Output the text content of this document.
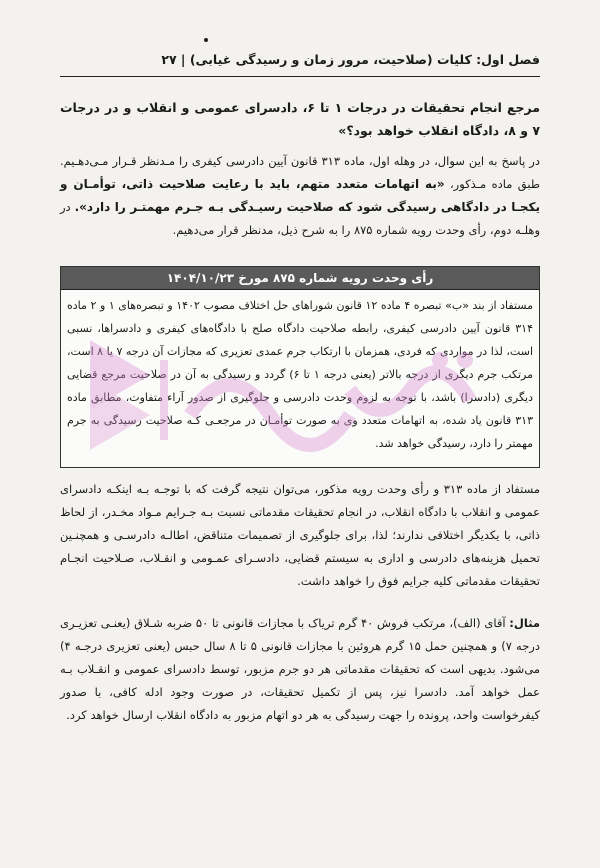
فصل اول: کلیات (صلاحیت، مرور زمان و رسیدگی غیابی) | ۲۷
مرجع انجام تحقیقات در درجات ۱ تا ۶، دادسرای عمومی و انقلاب و در درجات ۷ و ۸، دادگاه انقلاب خواهد بود؟»
در پاسخ به این سوال، در وهله اول، ماده ۳۱۳ قانون آیین دادرسی کیفری را مـدنظر قـرار مـی‌دهـیم. طبق ماده مـذکور، «به اتهامات متعدد متهم، باید با رعایت صلاحیت ذاتی، توأمـان و یکجـا در دادگاهی رسیدگی شود که صلاحیت رسیـدگی بـه جـرم مهمتـر را دارد». در وهلـه دوم، رأی وحدت رویه شماره ۸۷۵ را به شرح ذیل، مدنظر قرار می‌دهیم.
رأی وحدت رویه شماره ۸۷۵ مورخ ۱۴۰۴/۱۰/۲۳
مستفاد از بند «ب» تبصره ۴ ماده ۱۲ قانون شوراهای حل اختلاف مصوب ۱۴۰۲ و تبصره‌های ۱ و ۲ ماده ۳۱۴ قانون آیین دادرسی کیفری، رابطه صلاحیت دادگاه صلح با دادگاه‌های کیفری و دادسراها، نسبی است، لذا در مواردی که فردی، همزمان با ارتکاب جرم عمدی تعزیری که مجازات آن درجه ۷ یا ۸ است، مرتکب جرم دیگری از درجه بالاتر (یعنی درجه ۱ تا ۶) گردد و رسیدگی به آن در صلاحیت مرجع قضایی دیگری (دادسرا) باشد، با توجه به لزوم وحدت دادرسی و جلوگیری از صدور آراء متفاوت، مطابق ماده ۳۱۳ قانون یاد شده، به اتهامات متعدد وی به صورت توأمـان در مرجعـی کـه صلاحیت رسیدگی به جرم مهمتر را دارد، رسیدگی خواهد شد.
مستفاد از ماده ۳۱۳ و رأی وحدت رویه مذکور، می‌توان نتیجه گرفت که با توجـه بـه اینکـه دادسرای عمومی و انقلاب با دادگاه انقلاب، در انجام تحقیقات مقدماتی نسبت بـه جـرایم مـواد مخـدر، از لحاظ ذاتی، با یکدیگر اختلافی ندارند؛ لذا، برای جلوگیری از تصمیمات متناقض، اطالـه دادرسـی و همچنـین تحمیل هزینه‌های دادرسی و اداری به سیستم قضایی، دادسـرای عمـومی و انقـلاب، صـلاحیت انجـام تحقیقات مقدماتی کلیه جرایم فوق را خواهد داشت.
مثال: آقای (الف)، مرتکب فروش ۴۰ گرم تریاک با مجازات قانونی تا ۵۰ ضربه شـلاق (یعنـی تعزیـری درجه ۷) و همچنین حمل ۱۵ گرم هروئین با مجازات قانونی ۵ تا ۸ سال حبس (یعنی تعزیری درجـه ۴) می‌شود. بدیهی است که تحقیقات مقدماتی هر دو جرم مزبور، توسط دادسرای عمومی و انقـلاب بـه عمل خواهد آمد. دادسرا نیز، پس از تکمیل تحقیقات، در صورت وجود ادله کافی، با صدور کیفرخواست واحد، پرونده را جهت رسیدگی به هر دو اتهام مزبور به دادگاه انقلاب ارسال خواهد کرد.
